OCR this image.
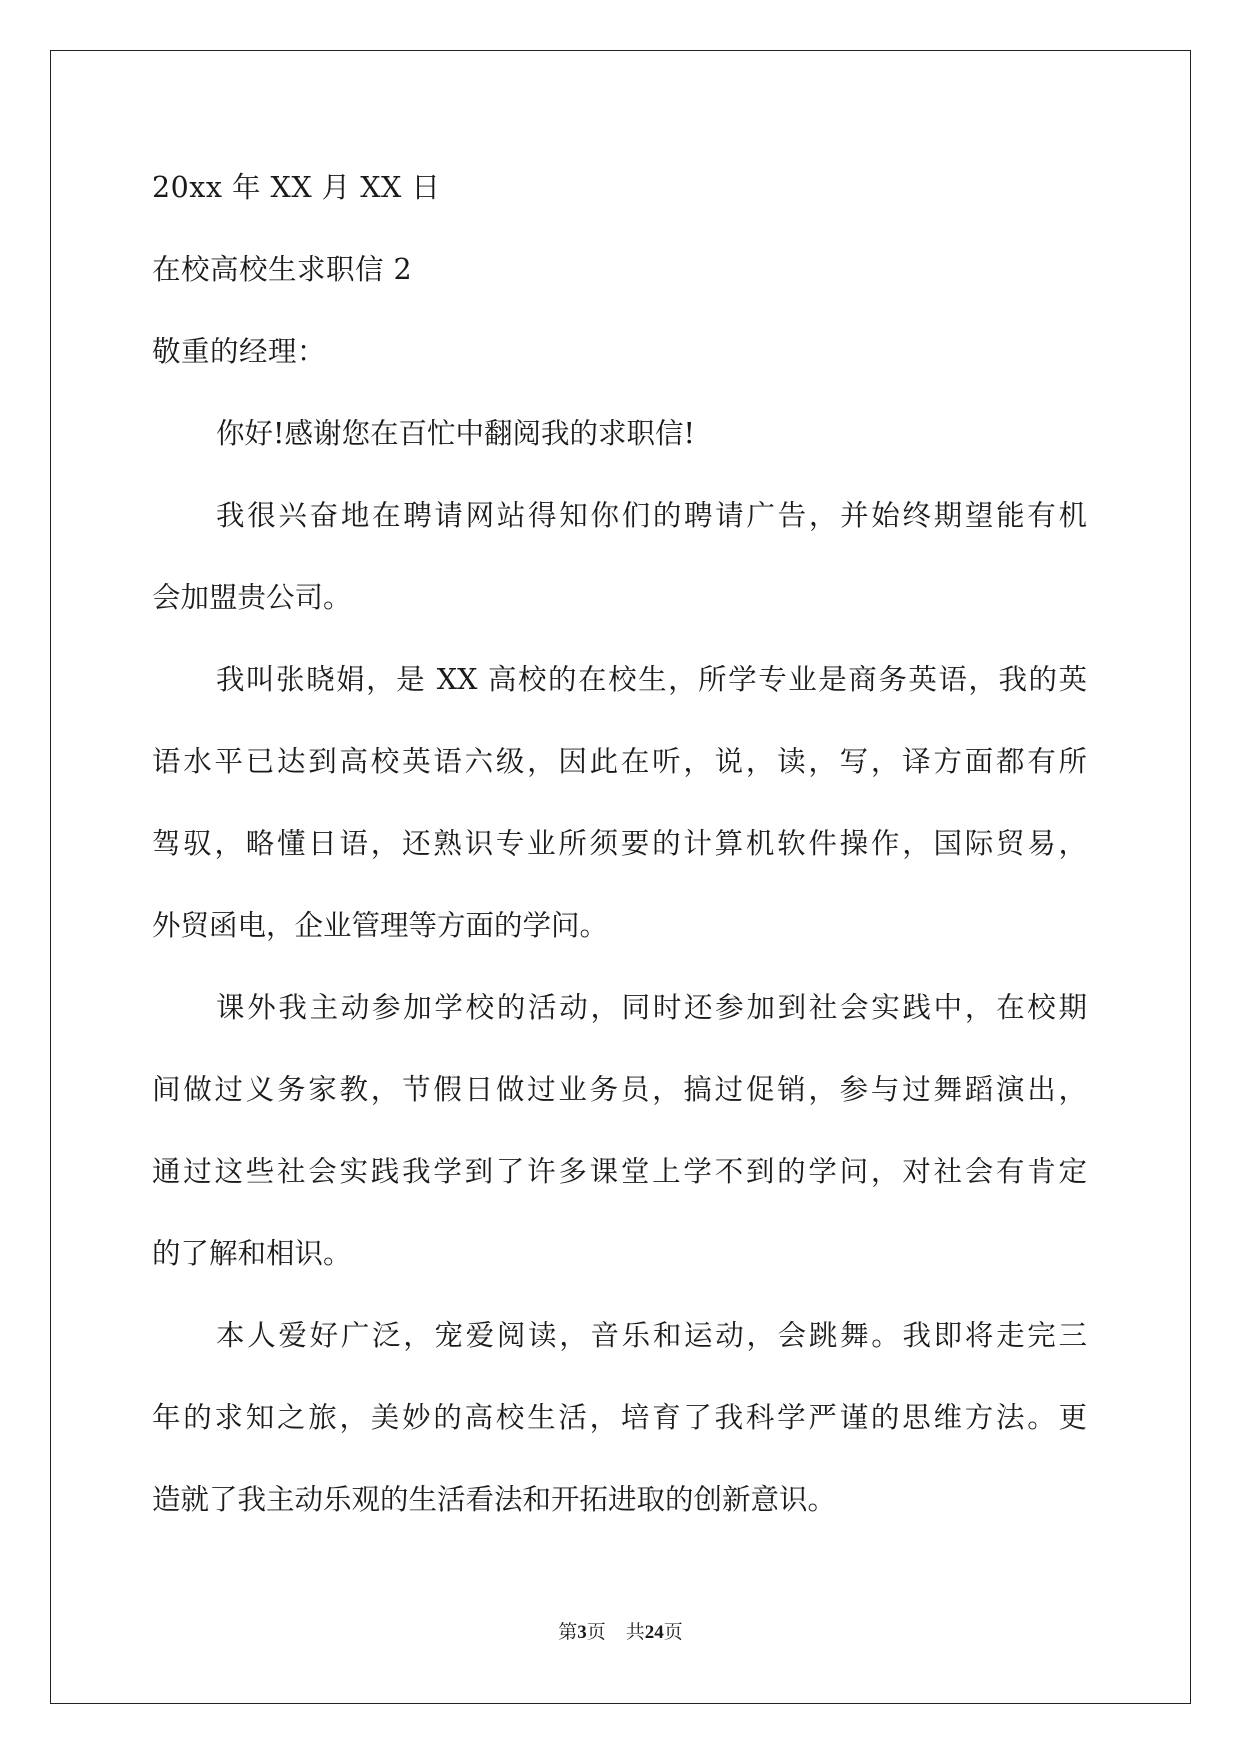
20xx 年 XX 月 XX 日

在校高校生求职信 2

敬重的经理：

你好!感谢您在百忙中翻阅我的求职信!

我很兴奋地在聘请网站得知你们的聘请广告，并始终期望能有机

会加盟贵公司。

我叫张晓娟，是 XX 高校的在校生，所学专业是商务英语，我的英

语水平已达到高校英语六级，因此在听，说，读，写，译方面都有所

驾驭，略懂日语，还熟识专业所须要的计算机软件操作，国际贸易，

外贸函电，企业管理等方面的学问。

课外我主动参加学校的活动，同时还参加到社会实践中，在校期

间做过义务家教，节假日做过业务员，搞过促销，参与过舞蹈演出，

通过这些社会实践我学到了许多课堂上学不到的学问，对社会有肯定

的了解和相识。

本人爱好广泛，宠爱阅读，音乐和运动，会跳舞。我即将走完三

年的求知之旅，美妙的高校生活，培育了我科学严谨的思维方法。更

造就了我主动乐观的生活看法和开拓进取的创新意识。

第3页 共24页
